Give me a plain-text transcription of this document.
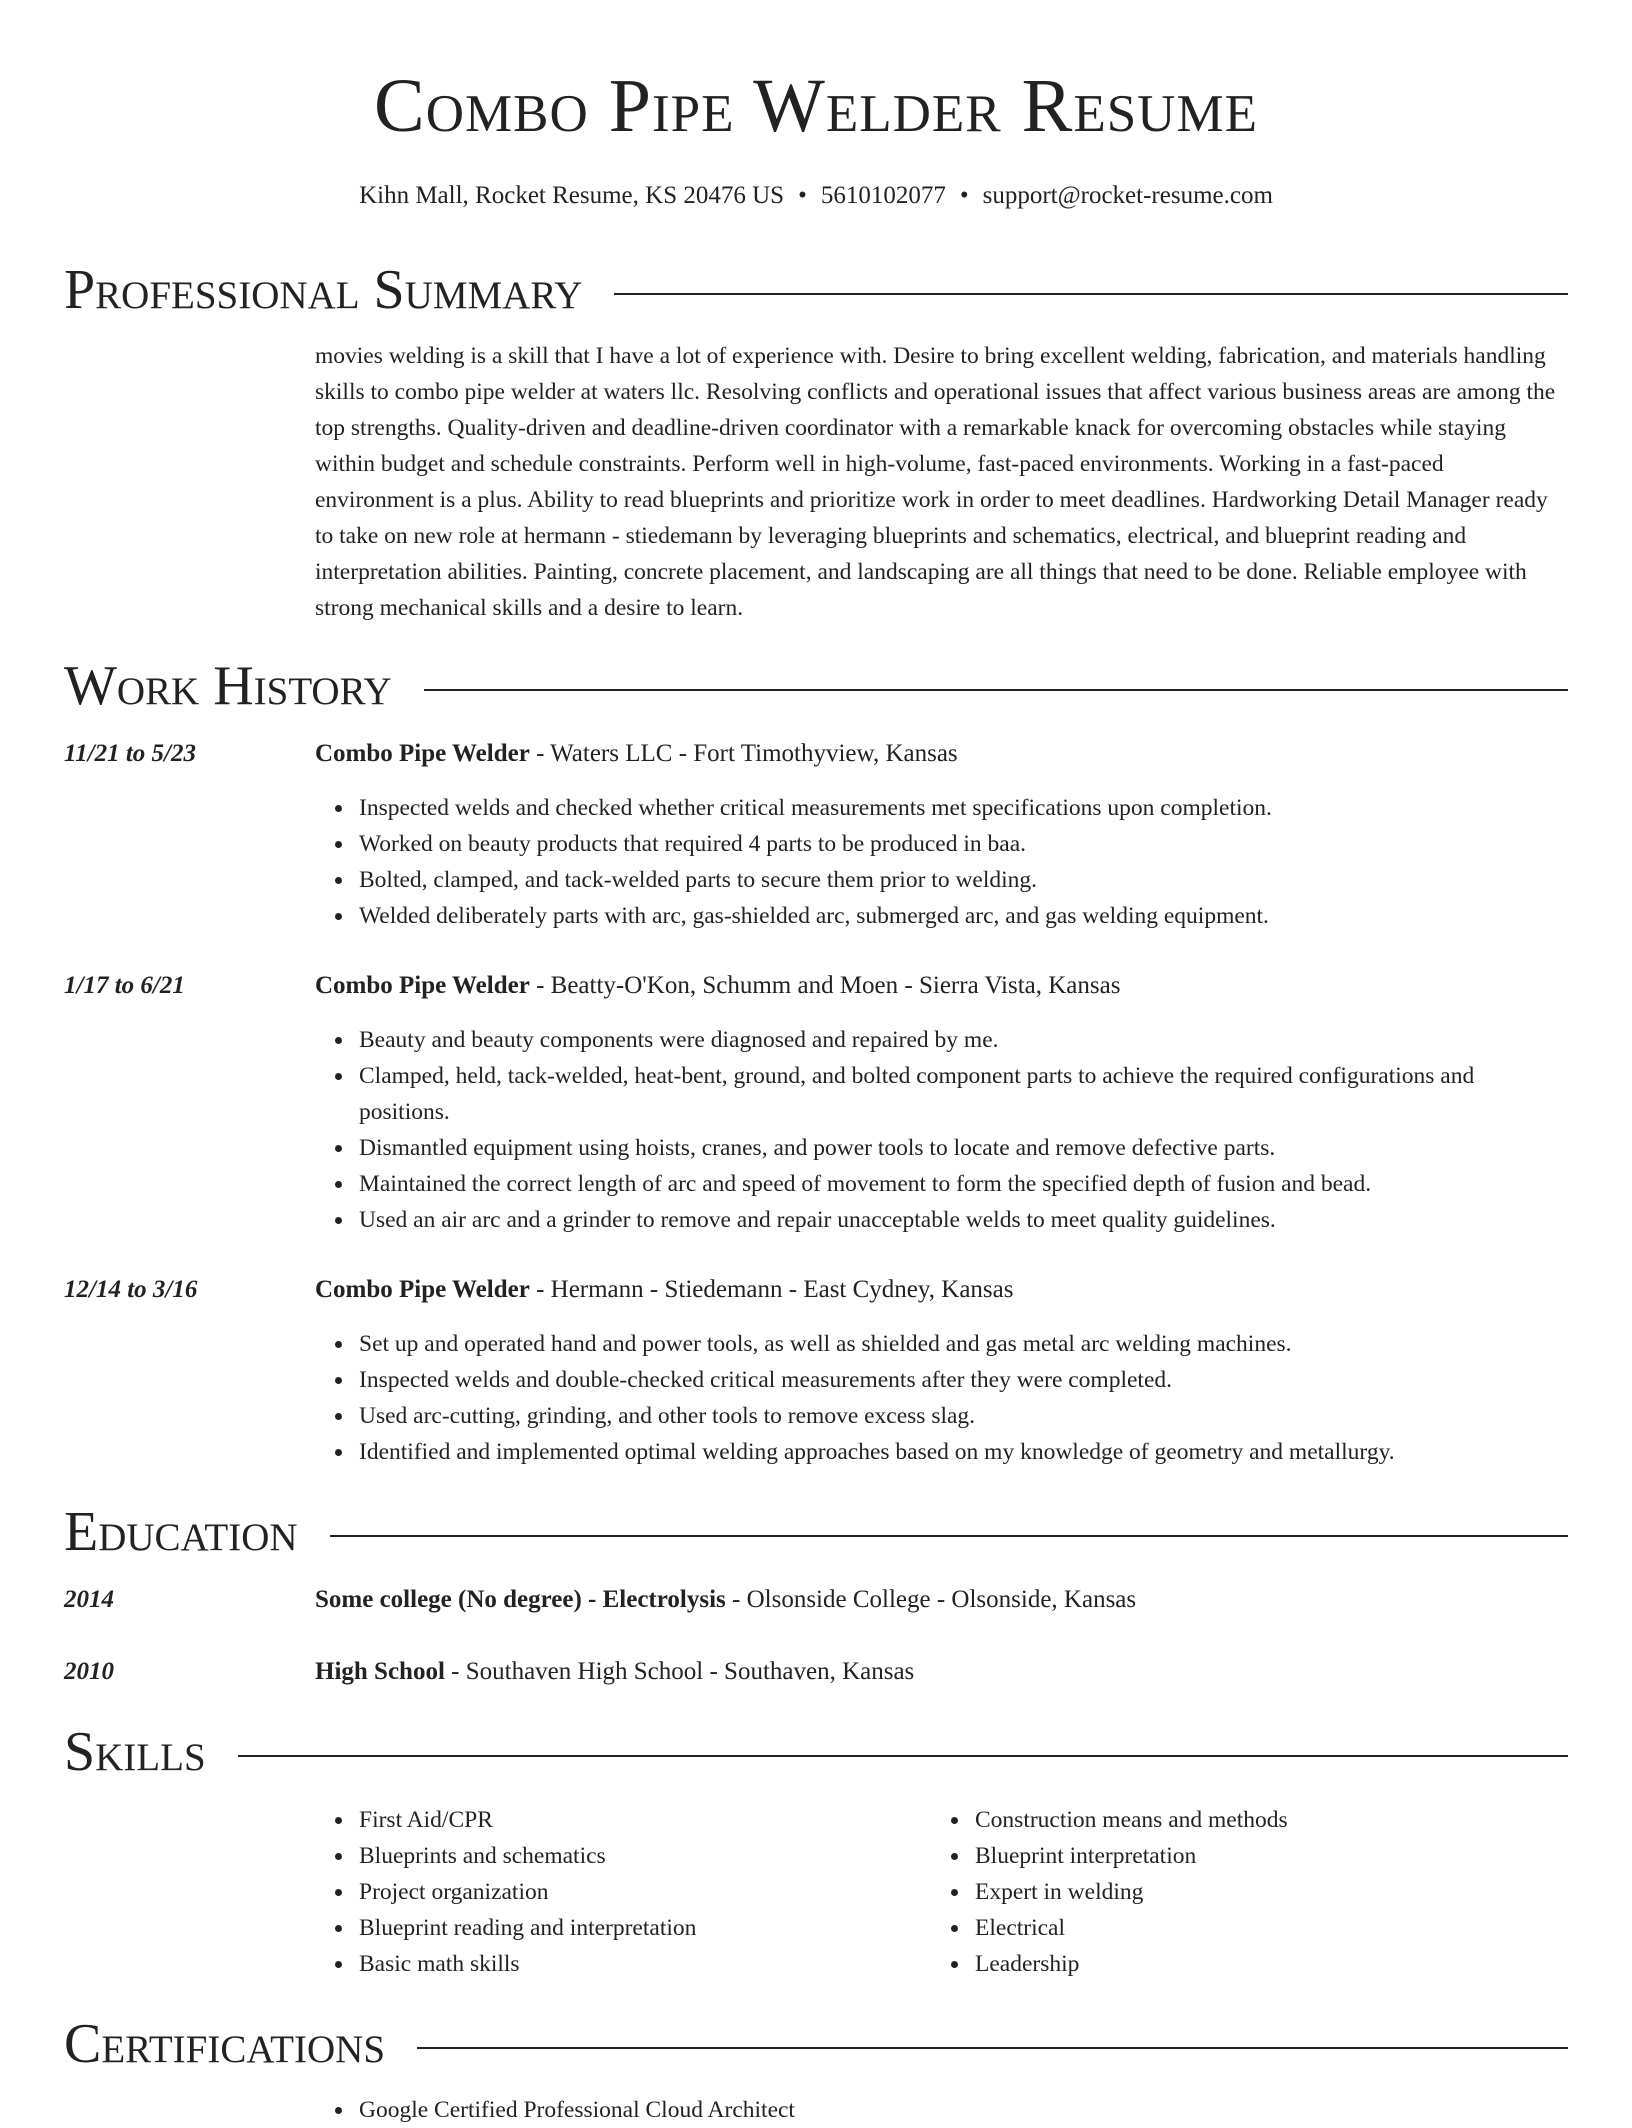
Combo Pipe Welder Resume
Kihn Mall, Rocket Resume, KS 20476 US • 5610102077 • support@rocket-resume.com
Professional Summary

movies welding is a skill that I have a lot of experience with. Desire to bring excellent welding, fabrication, and materials handling skills to combo pipe welder at waters llc. Resolving conflicts and operational issues that affect various business areas are among the top strengths. Quality-driven and deadline-driven coordinator with a remarkable knack for overcoming obstacles while staying within budget and schedule constraints. Perform well in high-volume, fast-paced environments. Working in a fast-paced environment is a plus. Ability to read blueprints and prioritize work in order to meet deadlines. Hardworking Detail Manager ready to take on new role at hermann - stiedemann by leveraging blueprints and schematics, electrical, and blueprint reading and interpretation abilities. Painting, concrete placement, and landscaping are all things that need to be done. Reliable employee with strong mechanical skills and a desire to learn.

Work History
11/21 to 5/23	Combo Pipe Welder - Waters LLC - Fort Timothyview, Kansas
Inspected welds and checked whether critical measurements met specifications upon completion.
Worked on beauty products that required 4 parts to be produced in baa.
Bolted, clamped, and tack-welded parts to secure them prior to welding.
Welded deliberately parts with arc, gas-shielded arc, submerged arc, and gas welding equipment.
1/17 to 6/21	Combo Pipe Welder - Beatty-O'Kon, Schumm and Moen - Sierra Vista, Kansas
Beauty and beauty components were diagnosed and repaired by me.
Clamped, held, tack-welded, heat-bent, ground, and bolted component parts to achieve the required configurations and positions.
Dismantled equipment using hoists, cranes, and power tools to locate and remove defective parts.
Maintained the correct length of arc and speed of movement to form the specified depth of fusion and bead.
Used an air arc and a grinder to remove and repair unacceptable welds to meet quality guidelines.
12/14 to 3/16	Combo Pipe Welder - Hermann - Stiedemann - East Cydney, Kansas
Set up and operated hand and power tools, as well as shielded and gas metal arc welding machines.
Inspected welds and double-checked critical measurements after they were completed.
Used arc-cutting, grinding, and other tools to remove excess slag.
Identified and implemented optimal welding approaches based on my knowledge of geometry and metallurgy.
Education
2014	Some college (No degree) - Electrolysis - Olsonside College - Olsonside, Kansas
2010	High School - Southaven High School - Southaven, Kansas
Skills
First Aid/CPR
Blueprints and schematics
Project organization
Blueprint reading and interpretation
Basic math skills
Construction means and methods
Blueprint interpretation
Expert in welding
Electrical
Leadership
Certifications
Google Certified Professional Cloud Architect
